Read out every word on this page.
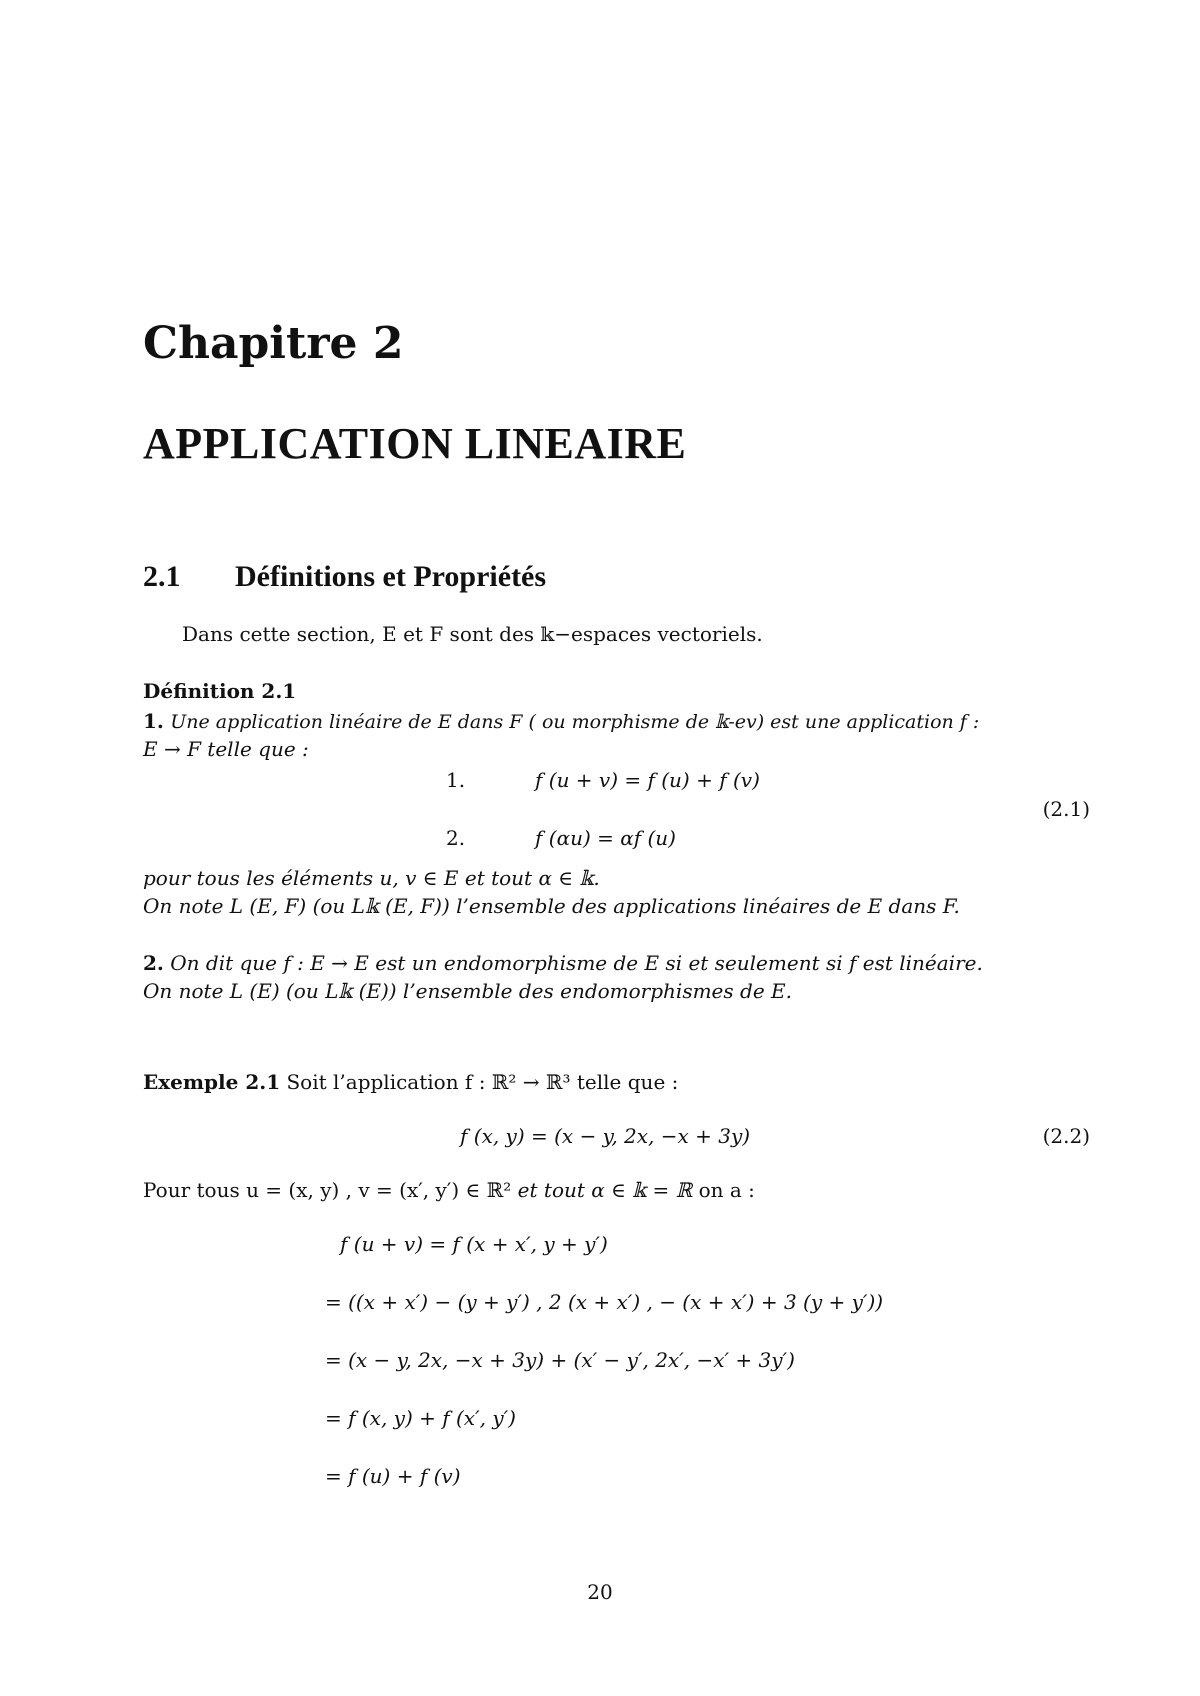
Chapitre 2
APPLICATION LINEAIRE
2.1 Définitions et Propriétés
Dans cette section, E et F sont des 𝕜−espaces vectoriels.
Définition 2.1
1. Une application linéaire de E dans F ( ou morphisme de 𝕜-ev) est une application f :
E → F telle que :
1.	f (u + v) = f (u) + f (v)
2.	f (αu) = αf (u)
(2.1)
pour tous les éléments u, v ∈ E et tout α ∈ 𝕜.
On note L (E, F) (ou L𝕜 (E, F)) l’ensemble des applications linéaires de E dans F.
2. On dit que f : E → E est un endomorphisme de E si et seulement si f est linéaire.
On note L (E) (ou L𝕜 (E)) l’ensemble des endomorphismes de E.
Exemple 2.1 Soit l’application f : ℝ² → ℝ³ telle que :
f (x, y) = (x − y, 2x, −x + 3y)	(2.2)
Pour tous u = (x, y) , v = (x′, y′) ∈ ℝ² et tout α ∈ 𝕜 = ℝ on a :
f (u + v) = f (x + x′, y + y′)
= ((x + x′) − (y + y′) , 2 (x + x′) , − (x + x′) + 3 (y + y′))
= (x − y, 2x, −x + 3y) + (x′ − y′, 2x′, −x′ + 3y′)
= f (x, y) + f (x′, y′)
= f (u) + f (v)
20
